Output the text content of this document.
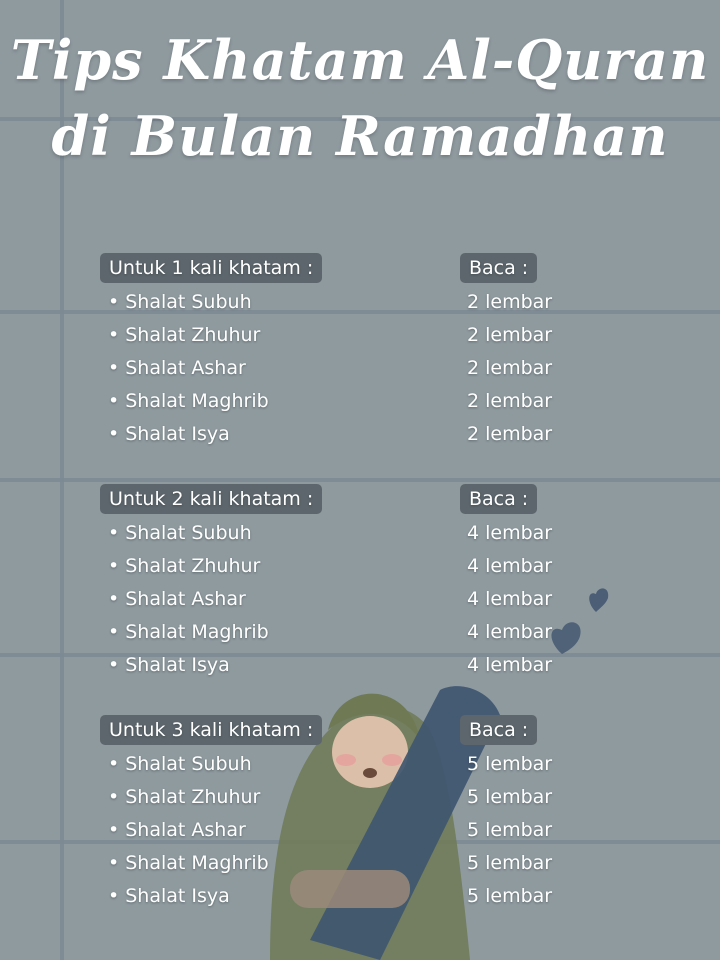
Tips Khatam Al-Quran
di Bulan Ramadhan
Untuk 1 kali khatam :	Baca :
• Shalat Subuh	2 lembar
• Shalat Zhuhur	2 lembar
• Shalat Ashar	2 lembar
• Shalat Maghrib	2 lembar
• Shalat Isya	2 lembar
Untuk 2 kali khatam :	Baca :
• Shalat Subuh	4 lembar
• Shalat Zhuhur	4 lembar
• Shalat Ashar	4 lembar
• Shalat Maghrib	4 lembar
• Shalat Isya	4 lembar
Untuk 3 kali khatam :	Baca :
• Shalat Subuh	5 lembar
• Shalat Zhuhur	5 lembar
• Shalat Ashar	5 lembar
• Shalat Maghrib	5 lembar
• Shalat Isya	5 lembar
